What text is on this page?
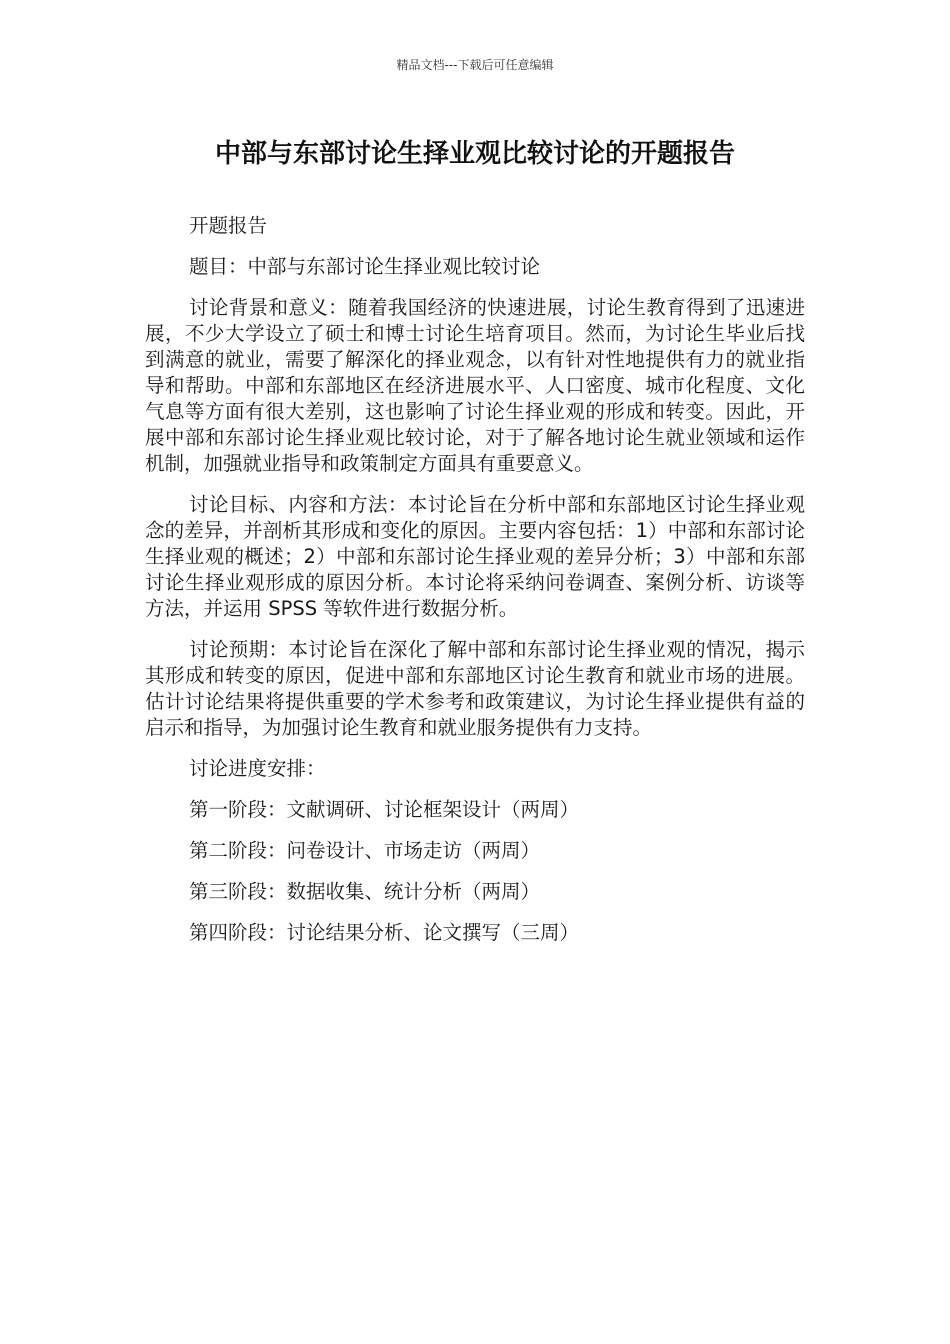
精品文档---下载后可任意编辑
中部与东部讨论生择业观比较讨论的开题报告

开题报告

题目：中部与东部讨论生择业观比较讨论

讨论背景和意义：随着我国经济的快速进展，讨论生教育得到了迅速进展，不少大学设立了硕士和博士讨论生培育项目。然而，为讨论生毕业后找到满意的就业，需要了解深化的择业观念，以有针对性地提供有力的就业指导和帮助。中部和东部地区在经济进展水平、人口密度、城市化程度、文化气息等方面有很大差别，这也影响了讨论生择业观的形成和转变。因此，开展中部和东部讨论生择业观比较讨论，对于了解各地讨论生就业领域和运作机制，加强就业指导和政策制定方面具有重要意义。

讨论目标、内容和方法：本讨论旨在分析中部和东部地区讨论生择业观念的差异，并剖析其形成和变化的原因。主要内容包括：1）中部和东部讨论生择业观的概述；2）中部和东部讨论生择业观的差异分析；3）中部和东部讨论生择业观形成的原因分析。本讨论将采纳问卷调查、案例分析、访谈等方法，并运用 SPSS 等软件进行数据分析。

讨论预期：本讨论旨在深化了解中部和东部讨论生择业观的情况，揭示其形成和转变的原因，促进中部和东部地区讨论生教育和就业市场的进展。估计讨论结果将提供重要的学术参考和政策建议，为讨论生择业提供有益的启示和指导，为加强讨论生教育和就业服务提供有力支持。

讨论进度安排：

第一阶段：文献调研、讨论框架设计（两周）

第二阶段：问卷设计、市场走访（两周）

第三阶段：数据收集、统计分析（两周）

第四阶段：讨论结果分析、论文撰写（三周）
